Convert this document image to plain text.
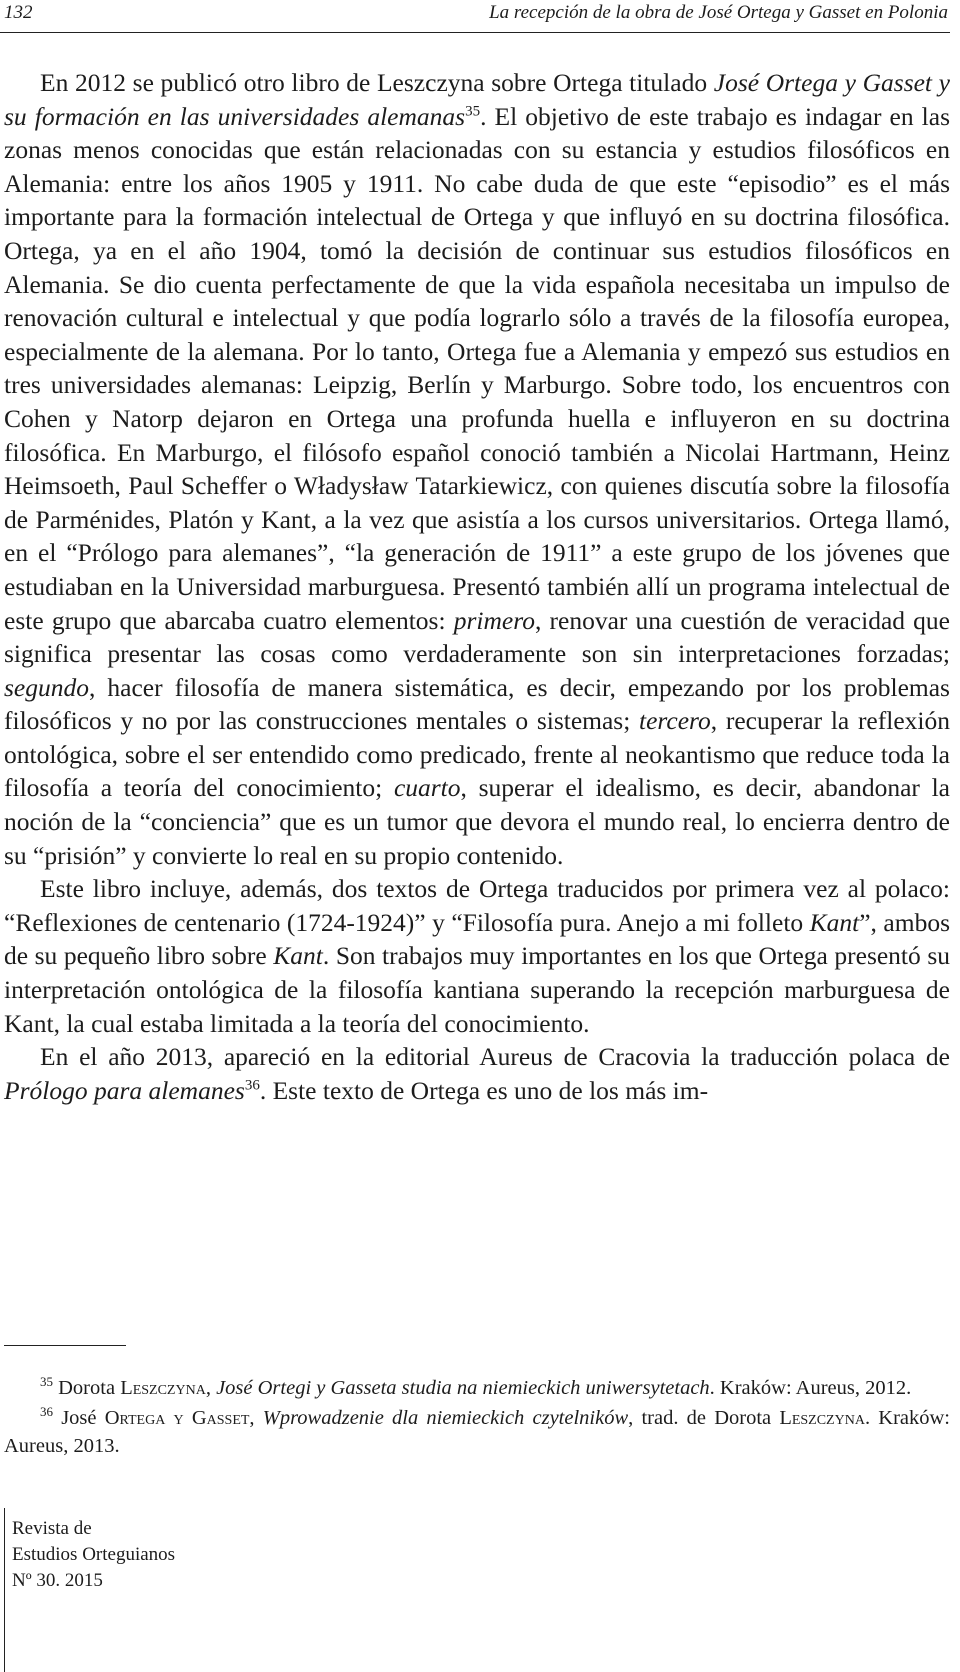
132	La recepción de la obra de José Ortega y Gasset en Polonia

En 2012 se publicó otro libro de Leszczyna sobre Ortega titulado José Ortega y Gasset y su formación en las universidades alemanas$^{35}$. El objetivo de este trabajo es indagar en las zonas menos conocidas que están relacionadas con su estancia y estudios filosóficos en Alemania: entre los años 1905 y 1911. No cabe duda de que este “episodio” es el más importante para la formación intelectual de Ortega y que influyó en su doctrina filosófica. Ortega, ya en el año 1904, tomó la decisión de continuar sus estudios filosóficos en Alemania. Se dio cuenta perfectamente de que la vida española necesitaba un impulso de renovación cultural e intelectual y que podía lograrlo sólo a través de la filosofía europea, especialmente de la alemana. Por lo tanto, Ortega fue a Alemania y empezó sus estudios en tres universidades alemanas: Leipzig, Berlín y Marburgo. Sobre todo, los encuentros con Cohen y Natorp dejaron en Ortega una profunda huella e influyeron en su doctrina filosófica. En Marburgo, el filósofo español conoció también a Nicolai Hartmann, Heinz Heimsoeth, Paul Scheffer o Władysław Tatarkiewicz, con quienes discutía sobre la filosofía de Parménides, Platón y Kant, a la vez que asistía a los cursos universitarios. Ortega llamó, en el “Prólogo para alemanes”, “la generación de 1911” a este grupo de los jóvenes que estudiaban en la Universidad marburguesa. Presentó también allí un programa intelectual de este grupo que abarcaba cuatro elementos: primero, renovar una cuestión de veracidad que significa presentar las cosas como verdaderamente son sin interpretaciones forzadas; segundo, hacer filosofía de manera sistemática, es decir, empezando por los problemas filosóficos y no por las construcciones mentales o sistemas; tercero, recuperar la reflexión ontológica, sobre el ser entendido como predicado, frente al neokantismo que reduce toda la filosofía a teoría del conocimiento; cuarto, superar el idealismo, es decir, abandonar la noción de la “conciencia” que es un tumor que devora el mundo real, lo encierra dentro de su “prisión” y convierte lo real en su propio contenido.

Este libro incluye, además, dos textos de Ortega traducidos por primera vez al polaco: “Reflexiones de centenario (1724-1924)” y “Filosofía pura. Anejo a mi folleto Kant”, ambos de su pequeño libro sobre Kant. Son trabajos muy importantes en los que Ortega presentó su interpretación ontológica de la filosofía kantiana superando la recepción marburguesa de Kant, la cual estaba limitada a la teoría del conocimiento.

En el año 2013, apareció en la editorial Aureus de Cracovia la traducción polaca de Prólogo para alemanes$^{36}$. Este texto de Ortega es uno de los más im-

$^{35}$ Dorota Leszczyna, José Ortegi y Gasseta studia na niemieckich uniwersytetach. Kraków: Aureus, 2012.

$^{36}$ José Ortega y Gasset, Wprowadzenie dla niemieckich czytelników, trad. de Dorota Leszczyna. Kraków: Aureus, 2013.

Revista de
Estudios Orteguianos
Nº 30. 2015
